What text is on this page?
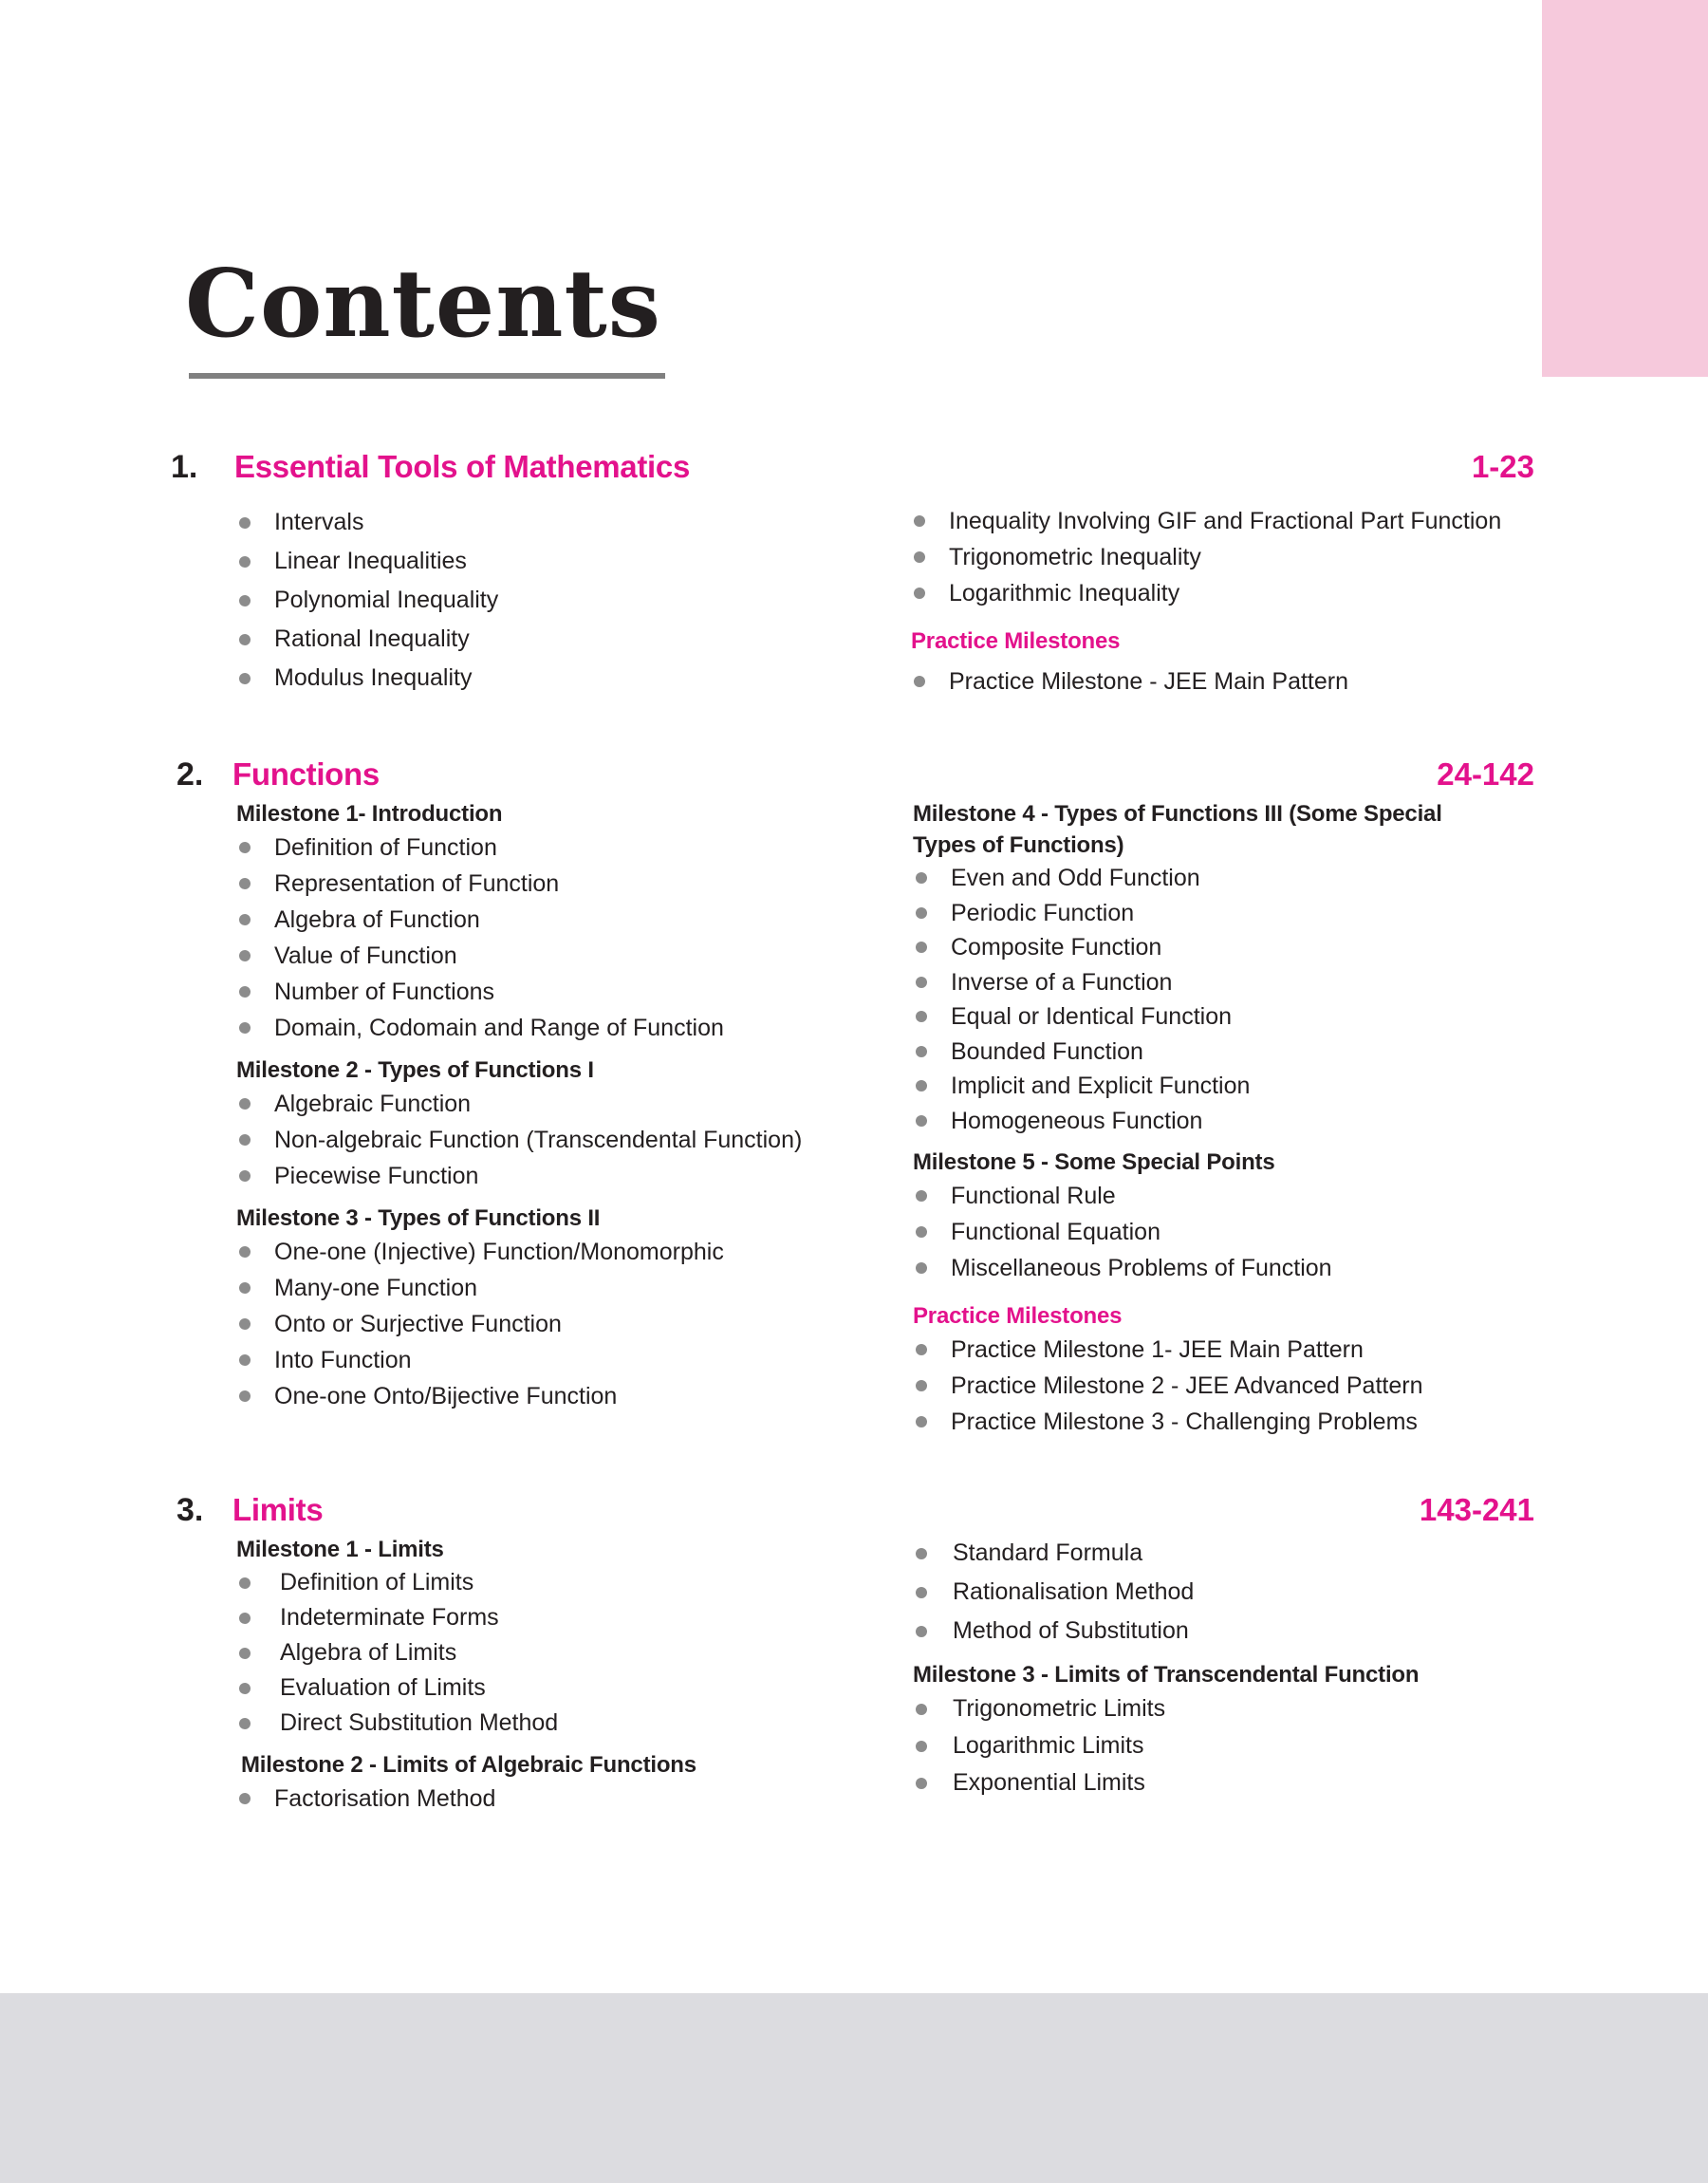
Contents
1. Essential Tools of Mathematics	1-23
Intervals
Linear Inequalities
Polynomial Inequality
Rational Inequality
Modulus Inequality
Inequality Involving GIF and Fractional Part Function
Trigonometric Inequality
Logarithmic Inequality
Practice Milestones
Practice Milestone - JEE Main Pattern
2. Functions	24-142
Milestone 1- Introduction
Definition of Function
Representation of Function
Algebra of Function
Value of Function
Number of Functions
Domain, Codomain and Range of Function
Milestone 2 - Types of Functions I
Algebraic Function
Non-algebraic Function (Transcendental Function)
Piecewise Function
Milestone 3 - Types of Functions II
One-one (Injective) Function/Monomorphic
Many-one Function
Onto or Surjective Function
Into Function
One-one Onto/Bijective Function
Milestone 4 - Types of Functions III (Some Special
Types of Functions)
Even and Odd Function
Periodic Function
Composite Function
Inverse of a Function
Equal or Identical Function
Bounded Function
Implicit and Explicit Function
Homogeneous Function
Milestone 5 - Some Special Points
Functional Rule
Functional Equation
Miscellaneous Problems of Function
Practice Milestones
Practice Milestone 1- JEE Main Pattern
Practice Milestone 2 - JEE Advanced Pattern
Practice Milestone 3 - Challenging Problems
3. Limits	143-241
Milestone 1 - Limits
Definition of Limits
Indeterminate Forms
Algebra of Limits
Evaluation of Limits
Direct Substitution Method
Milestone 2 - Limits of Algebraic Functions
Factorisation Method
Standard Formula
Rationalisation Method
Method of Substitution
Milestone 3 - Limits of Transcendental Function
Trigonometric Limits
Logarithmic Limits
Exponential Limits
